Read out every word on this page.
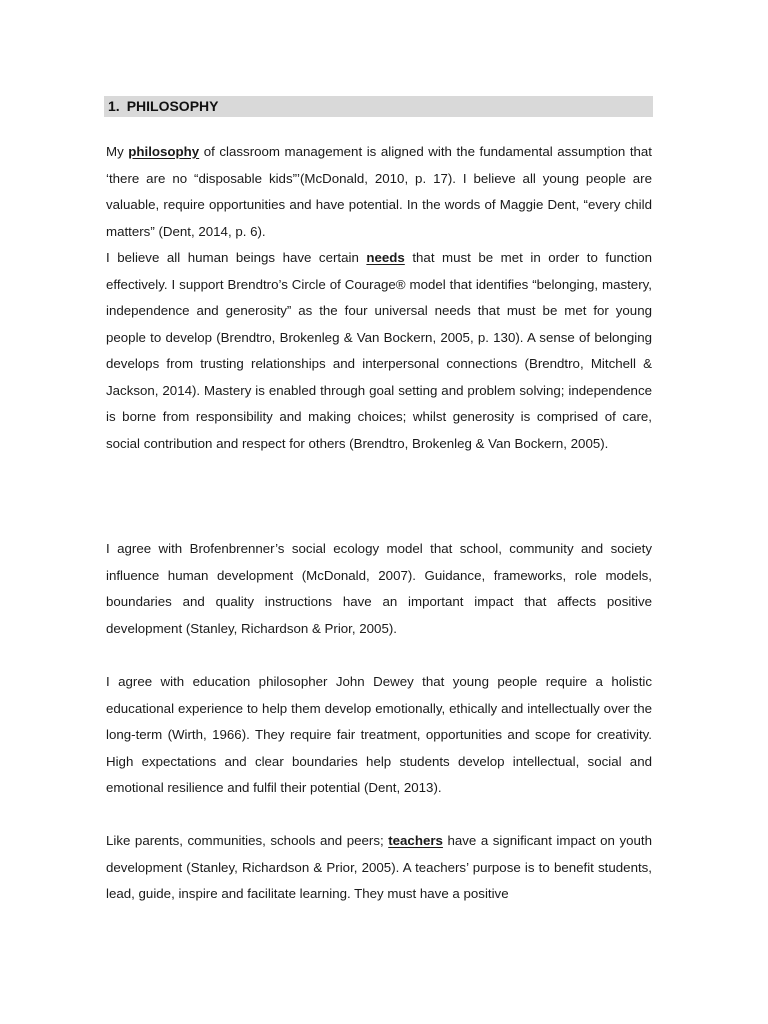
1. PHILOSOPHY

My philosophy of classroom management is aligned with the fundamental assumption that ‘there are no “disposable kids”’(McDonald, 2010, p. 17). I believe all young people are valuable, require opportunities and have potential. In the words of Maggie Dent, “every child matters” (Dent, 2014, p. 6).

I believe all human beings have certain needs that must be met in order to function effectively. I support Brendtro’s Circle of Courage® model that identifies “belonging, mastery, independence and generosity” as the four universal needs that must be met for young people to develop (Brendtro, Brokenleg & Van Bockern, 2005, p. 130). A sense of belonging develops from trusting relationships and interpersonal connections (Brendtro, Mitchell & Jackson, 2014). Mastery is enabled through goal setting and problem solving; independence is borne from responsibility and making choices; whilst generosity is comprised of care, social contribution and respect for others (Brendtro, Brokenleg & Van Bockern, 2005).

I agree with Brofenbrenner’s social ecology model that school, community and society influence human development (McDonald, 2007). Guidance, frameworks, role models, boundaries and quality instructions have an important impact that affects positive development (Stanley, Richardson & Prior, 2005).

I agree with education philosopher John Dewey that young people require a holistic educational experience to help them develop emotionally, ethically and intellectually over the long-term (Wirth, 1966). They require fair treatment, opportunities and scope for creativity. High expectations and clear boundaries help students develop intellectual, social and emotional resilience and fulfil their potential (Dent, 2013).

Like parents, communities, schools and peers; teachers have a significant impact on youth development (Stanley, Richardson & Prior, 2005). A teachers’ purpose is to benefit students, lead, guide, inspire and facilitate learning. They must have a positive
